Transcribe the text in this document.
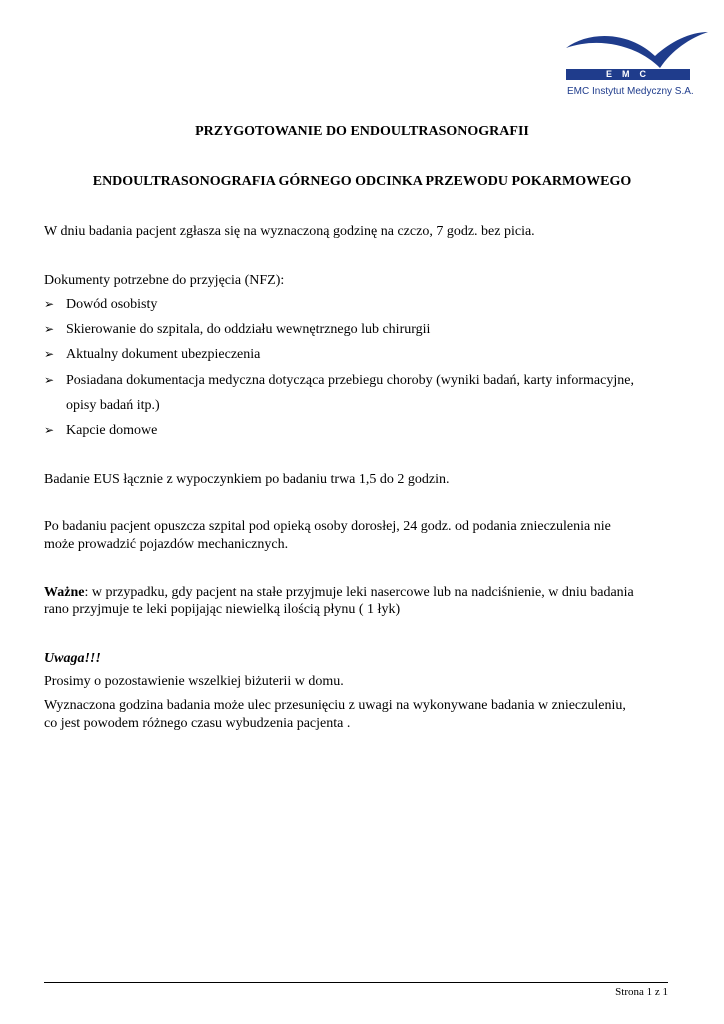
EMC
EMC Instytut Medyczny S.A.
PRZYGOTOWANIE DO ENDOULTRASONOGRAFII
ENDOULTRASONOGRAFIA GÓRNEGO ODCINKA PRZEWODU POKARMOWEGO
W dniu badania pacjent zgłasza się na wyznaczoną godzinę na czczo, 7 godz. bez picia.
Dokumenty potrzebne do przyjęcia (NFZ):
➢ Dowód osobisty
➢ Skierowanie do szpitala, do oddziału wewnętrznego lub chirurgii
➢ Aktualny dokument ubezpieczenia
➢ Posiadana dokumentacja medyczna dotycząca przebiegu choroby (wyniki badań, karty informacyjne,
opisy badań itp.)
➢ Kapcie domowe
Badanie EUS łącznie z wypoczynkiem po badaniu trwa 1,5 do 2 godzin.
Po badaniu pacjent opuszcza szpital pod opieką osoby dorosłej, 24 godz. od podania znieczulenia nie
może prowadzić pojazdów mechanicznych.
Ważne: w przypadku, gdy pacjent na stałe przyjmuje leki nasercowe lub na nadciśnienie, w dniu badania
rano przyjmuje te leki popijając niewielką ilością płynu ( 1 łyk)
Uwaga!!!
Prosimy o pozostawienie wszelkiej biżuterii w domu.
Wyznaczona godzina badania może ulec przesunięciu z uwagi na wykonywane badania w znieczuleniu,
co jest powodem różnego czasu wybudzenia pacjenta .
Strona 1 z 1
